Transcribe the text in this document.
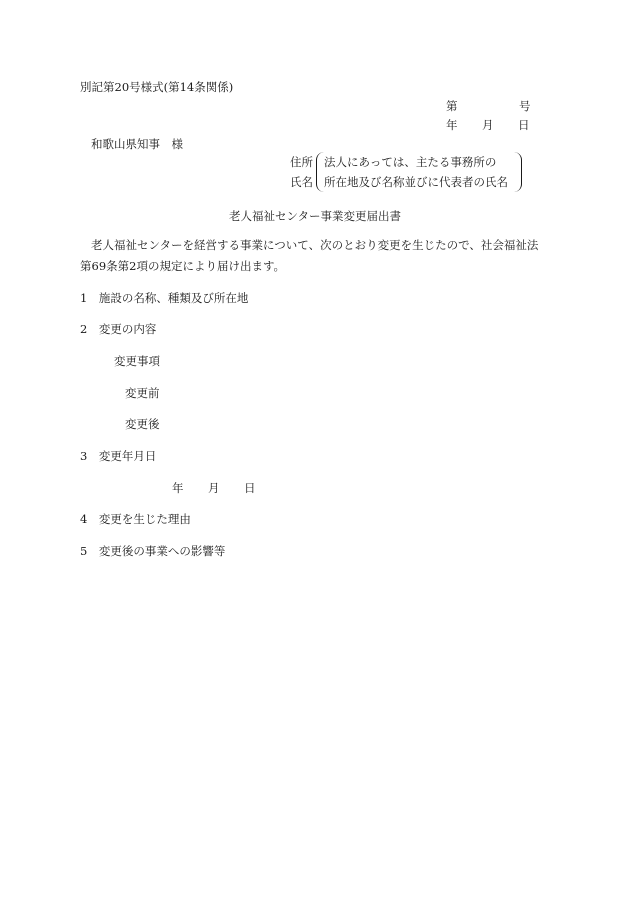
別記第20号様式(第14条関係)
第	号
年 月 日
和歌山県知事　様
住所
氏名
法人にあっては、主たる事務所の
所在地及び名称並びに代表者の氏名
老人福祉センター事業変更届出書
老人福祉センターを経営する事業について、次のとおり変更を生じたので、社会福祉法
第69条第2項の規定により届け出ます。
1　施設の名称、種類及び所在地
2　変更の内容
変更事項
変更前
変更後
3　変更年月日
年 月 日
4　変更を生じた理由
5　変更後の事業への影響等
